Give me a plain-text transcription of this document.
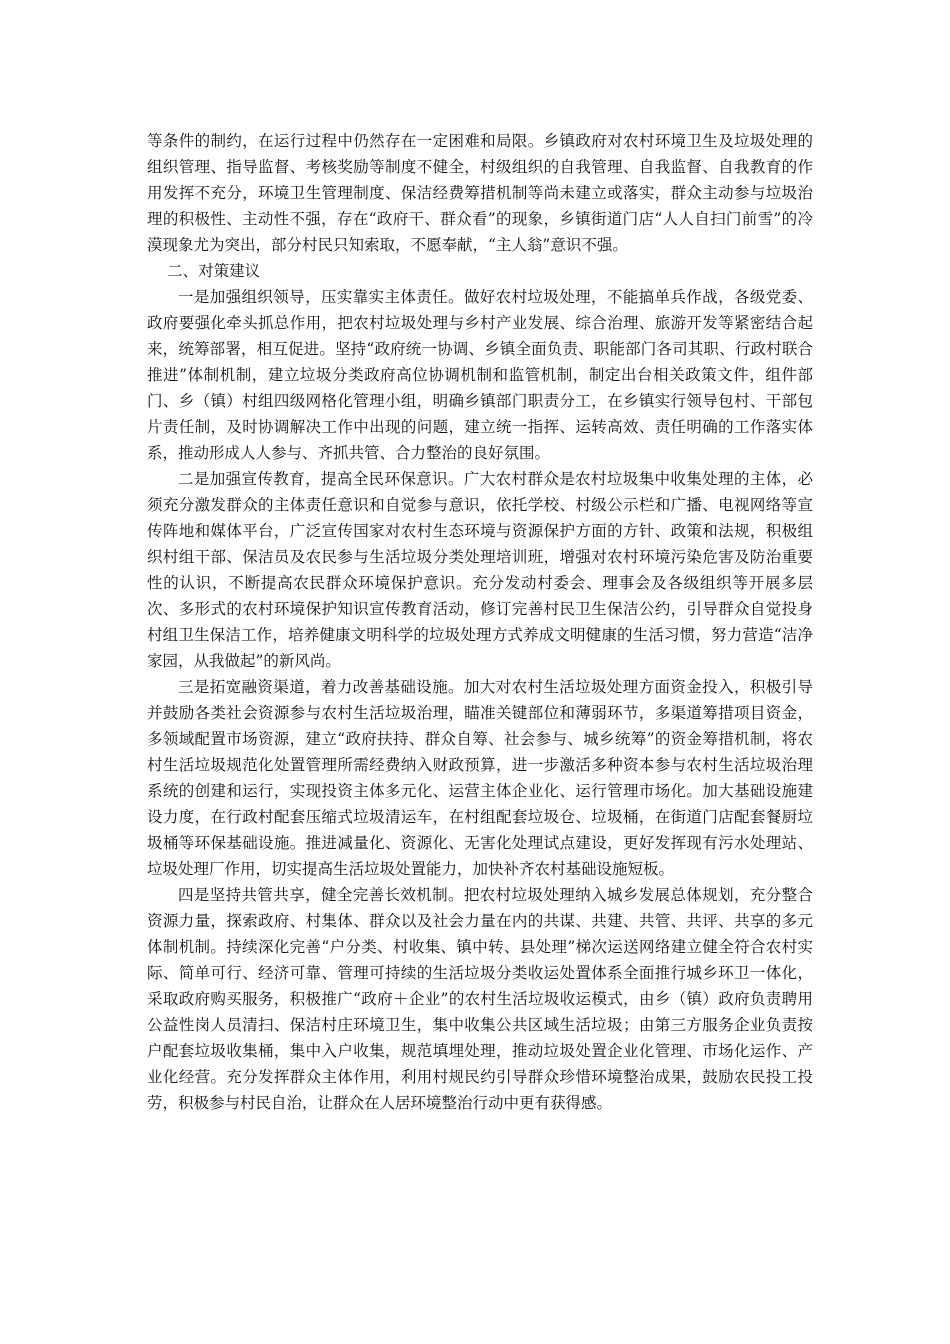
等条件的制约，在运行过程中仍然存在一定困难和局限。乡镇政府对农村环境卫生及垃圾处理的组织管理、指导监督、考核奖励等制度不健全，村级组织的自我管理、自我监督、自我教育的作用发挥不充分，环境卫生管理制度、保洁经费筹措机制等尚未建立或落实，群众主动参与垃圾治理的积极性、主动性不强，存在“政府干、群众看”的现象，乡镇街道门店“人人自扫门前雪”的冷漠现象尤为突出，部分村民只知索取，不愿奉献，“主人翁”意识不强。

二、对策建议

一是加强组织领导，压实靠实主体责任。做好农村垃圾处理，不能搞单兵作战，各级党委、政府要强化牵头抓总作用，把农村垃圾处理与乡村产业发展、综合治理、旅游开发等紧密结合起来，统筹部署，相互促进。坚持“政府统一协调、乡镇全面负责、职能部门各司其职、行政村联合推进”体制机制，建立垃圾分类政府高位协调机制和监管机制，制定出台相关政策文件，组件部门、乡（镇）村组四级网格化管理小组，明确乡镇部门职责分工，在乡镇实行领导包村、干部包片责任制，及时协调解决工作中出现的问题，建立统一指挥、运转高效、责任明确的工作落实体系，推动形成人人参与、齐抓共管、合力整治的良好氛围。

二是加强宣传教育，提高全民环保意识。广大农村群众是农村垃圾集中收集处理的主体，必须充分激发群众的主体责任意识和自觉参与意识，依托学校、村级公示栏和广播、电视网络等宣传阵地和媒体平台，广泛宣传国家对农村生态环境与资源保护方面的方针、政策和法规，积极组织村组干部、保洁员及农民参与生活垃圾分类处理培训班，增强对农村环境污染危害及防治重要性的认识，不断提高农民群众环境保护意识。充分发动村委会、理事会及各级组织等开展多层次、多形式的农村环境保护知识宣传教育活动，修订完善村民卫生保洁公约，引导群众自觉投身村组卫生保洁工作，培养健康文明科学的垃圾处理方式养成文明健康的生活习惯，努力营造“洁净家园，从我做起”的新风尚。

三是拓宽融资渠道，着力改善基础设施。加大对农村生活垃圾处理方面资金投入，积极引导并鼓励各类社会资源参与农村生活垃圾治理，瞄准关键部位和薄弱环节，多渠道筹措项目资金，多领域配置市场资源，建立“政府扶持、群众自筹、社会参与、城乡统筹”的资金筹措机制，将农村生活垃圾规范化处置管理所需经费纳入财政预算，进一步激活多种资本参与农村生活垃圾治理系统的创建和运行，实现投资主体多元化、运营主体企业化、运行管理市场化。加大基础设施建设力度，在行政村配套压缩式垃圾清运车，在村组配套垃圾仓、垃圾桶，在街道门店配套餐厨垃圾桶等环保基础设施。推进减量化、资源化、无害化处理试点建设，更好发挥现有污水处理站、垃圾处理厂作用，切实提高生活垃圾处置能力，加快补齐农村基础设施短板。

四是坚持共管共享，健全完善长效机制。把农村垃圾处理纳入城乡发展总体规划，充分整合资源力量，探索政府、村集体、群众以及社会力量在内的共谋、共建、共管、共评、共享的多元体制机制。持续深化完善“户分类、村收集、镇中转、县处理”梯次运送网络建立健全符合农村实际、简单可行、经济可靠、管理可持续的生活垃圾分类收运处置体系全面推行城乡环卫一体化，采取政府购买服务，积极推广“政府＋企业”的农村生活垃圾收运模式，由乡（镇）政府负责聘用公益性岗人员清扫、保洁村庄环境卫生，集中收集公共区域生活垃圾；由第三方服务企业负责按户配套垃圾收集桶，集中入户收集，规范填埋处理，推动垃圾处置企业化管理、市场化运作、产业化经营。充分发挥群众主体作用，利用村规民约引导群众珍惜环境整治成果，鼓励农民投工投劳，积极参与村民自治，让群众在人居环境整治行动中更有获得感。
